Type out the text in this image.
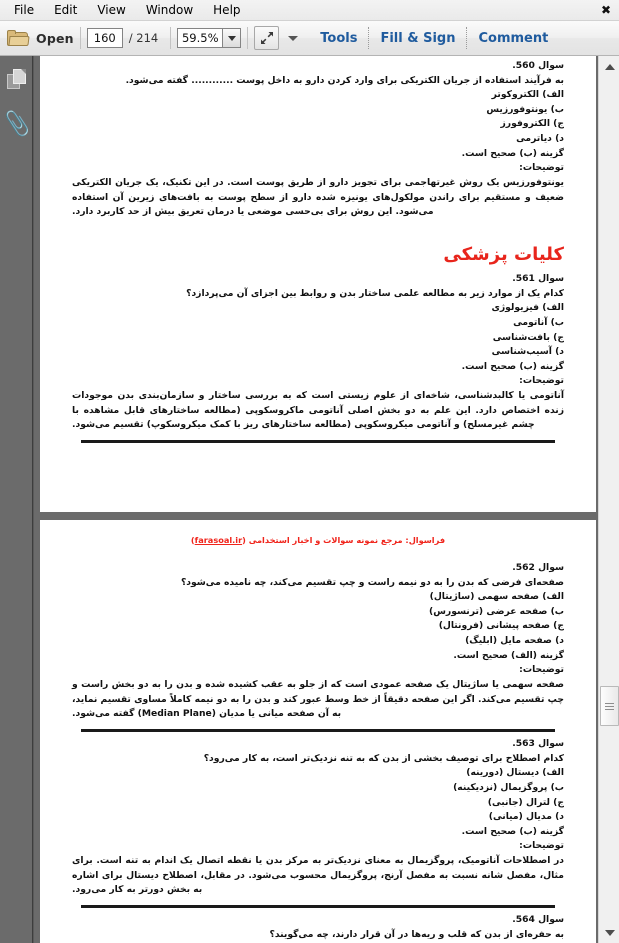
File	Edit	View	Window	Help	✖
Open	160	/ 214	59.5%	Tools Fill & Sign Comment
📎
سوال 560.
به فرآیند استفاده از جریان الکتریکی برای وارد کردن دارو به داخل پوست ............ گفته می‌شود.
الف) الکتروکوتر
ب) یونتوفورزیس
ج) الکتروفورز
د) دیاترمی
گزینه (ب) صحیح است.
توضیحات:
یونتوفورزیس یک روش غیرتهاجمی برای تجویز دارو از طریق پوست است. در این تکنیک، یک جریان الکتریکی ضعیف و مستقیم برای راندن مولکول‌های یونیزه شده دارو از سطح پوست به بافت‌های زیرین آن استفاده می‌شود. این روش برای بی‌حسی موضعی یا درمان تعریق بیش از حد کاربرد دارد.
کلیات پزشکی
سوال 561.
کدام یک از موارد زیر به مطالعه علمی ساختار بدن و روابط بین اجزای آن می‌پردازد؟
الف) فیزیولوژی
ب) آناتومی
ج) بافت‌شناسی
د) آسیب‌شناسی
گزینه (ب) صحیح است.
توضیحات:
آناتومی یا کالبدشناسی، شاخه‌ای از علوم زیستی است که به بررسی ساختار و سازمان‌بندی بدن موجودات زنده اختصاص دارد. این علم به دو بخش اصلی آناتومی ماکروسکوپی (مطالعه ساختارهای قابل مشاهده با چشم غیرمسلح) و آناتومی میکروسکوپی (مطالعه ساختارهای ریز با کمک میکروسکوپ) تقسیم می‌شود.
فراسوال: مرجع نمونه سوالات و اخبار استخدامی (farasoal.ir)
سوال 562.
صفحه‌ای فرضی که بدن را به دو نیمه راست و چپ تقسیم می‌کند، چه نامیده می‌شود؟
الف) صفحه سهمی (ساژیتال)
ب) صفحه عرضی (ترنسورس)
ج) صفحه پیشانی (فرونتال)
د) صفحه مایل (ابلیگ)
گزینه (الف) صحیح است.
توضیحات:
صفحه سهمی یا ساژیتال یک صفحه عمودی است که از جلو به عقب کشیده شده و بدن را به دو بخش راست و چپ تقسیم می‌کند. اگر این صفحه دقیقاً از خط وسط عبور کند و بدن را به دو نیمه کاملاً مساوی تقسیم نماید، به آن صفحه میانی یا مدیان (Median Plane) گفته می‌شود.
سوال 563.
کدام اصطلاح برای توصیف بخشی از بدن که به تنه نزدیک‌تر است، به کار می‌رود؟
الف) دیستال (دورینه)
ب) پروگزیمال (نزدیکینه)
ج) لترال (جانبی)
د) مدیال (میانی)
گزینه (ب) صحیح است.
توضیحات:
در اصطلاحات آناتومیک، پروگزیمال به معنای نزدیک‌تر به مرکز بدن یا نقطه اتصال یک اندام به تنه است. برای مثال، مفصل شانه نسبت به مفصل آرنج، پروگزیمال محسوب می‌شود. در مقابل، اصطلاح دیستال برای اشاره به بخش دورتر به کار می‌رود.
سوال 564.
به حفره‌ای از بدن که قلب و ریه‌ها در آن قرار دارند، چه می‌گویند؟
